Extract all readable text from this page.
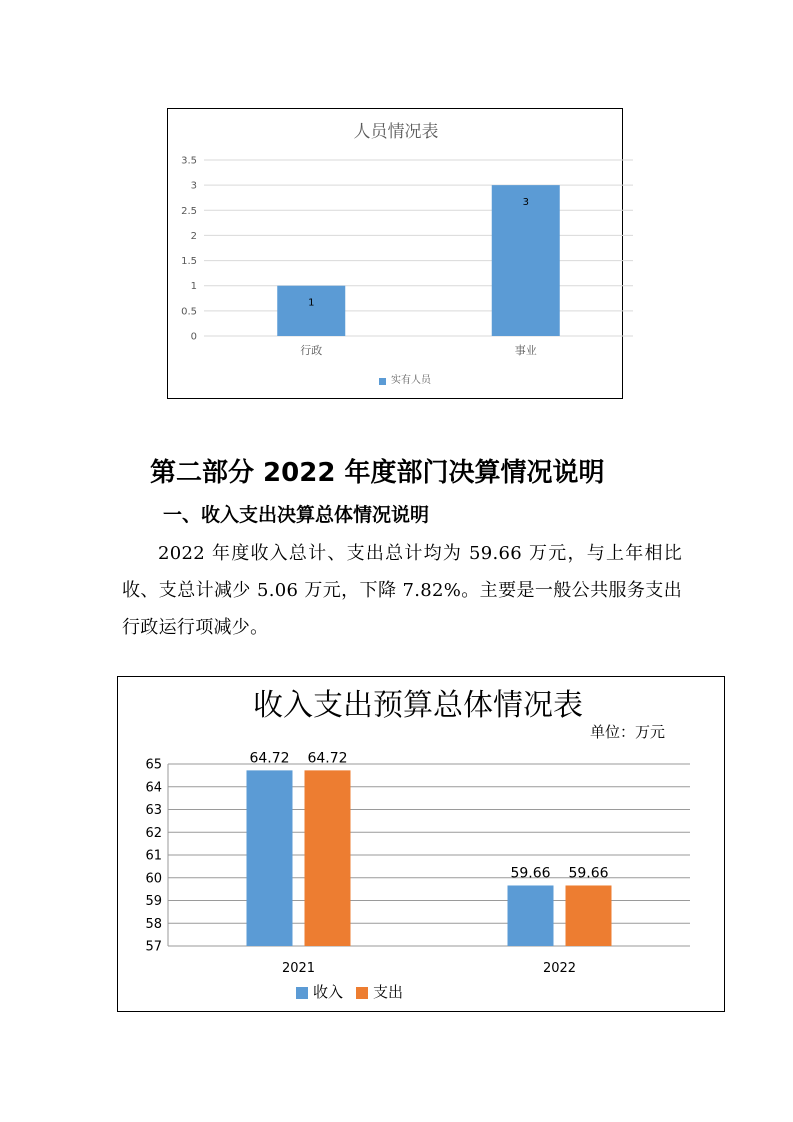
人员情况表
0
0.5
1
1.5
2
2.5
3
3.5
1
3
行政	事业
实有人员
第二部分 2022 年度部门决算情况说明
一、收入支出决算总体情况说明
2022 年度收入总计、支出总计均为 59.66 万元，与上年相比收、支总计减少 5.06 万元，下降 7.82%。主要是一般公共服务支出行政运行项减少。
收入支出预算总体情况表
单位：万元
57
58
59
60
61
62
63
64
65	64.72 64.72
59.66 59.66
2021	2022
收入 支出
